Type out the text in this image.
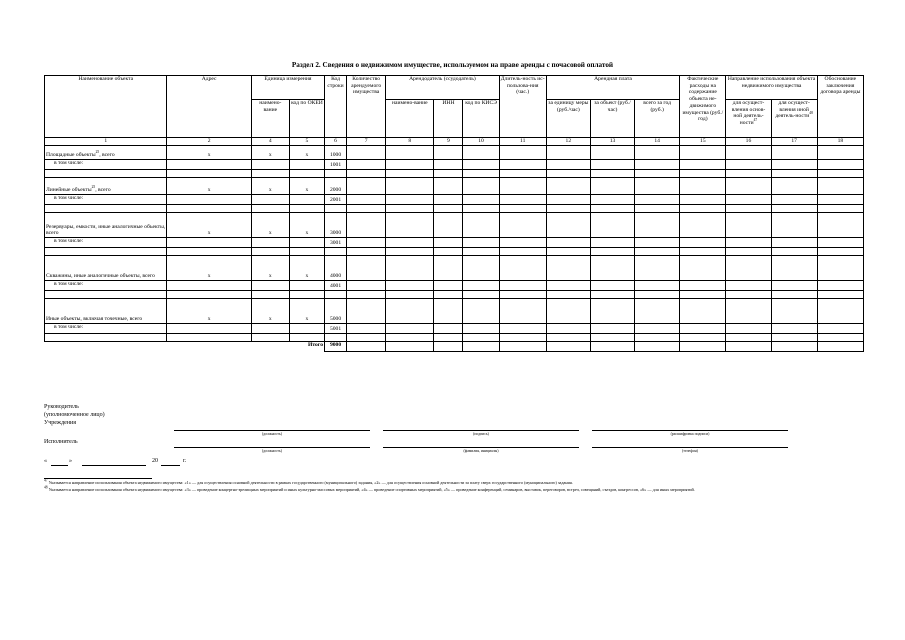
Раздел 2. Сведения о недвижимом имуществе, используемом на праве аренды с почасовой оплатой
Наименование объекта	Адрес	Единица измерения		Код строки	Количество арендуемого имущества	Арендодатель (ссудодатель)			Длитель-ность ис-пользова-ния (час.)	Арендная плата			Фактические расходы на содержание объекта не-движимого имущества (руб./год)	Направление использования объекта недвижимого имущества		Обоснование заключения договора аренды
		наимено-вание	код по ОКЕИ			наимено-вание	ИНН	код по КИСЭ		за единицу меры (руб./час)	за объект (руб./час)	всего за год (руб.)		для осущест-вления основ-ной деятель-ности$^{47}$	для осущест-вления иной деятель-ности$^{48}$
1	2	4	5	6	7	8	9	10	11	12	13	14	15	16	17	18
Площадные объекты$^{25}$, всего	х	х	х	1000												
в том числе:				1001												

Линейные объекты$^{25}$, всего	х	х	х	2000												
в том числе:				2001												

Резервуары, емкости, иные аналогичные объекты, всего	х	х	х	3000												
в том числе:				3001												

Скважины, иные аналогичные объекты, всего	х	х	х	4000												
в том числе:				4001												

Иные объекты, включая точечные, всего	х	х	х	5000												
в том числе:				5001												

Итого				9000												
Руководитель
(уполномоченное лицо)
Учреждения
(должность)	(подпись)	(расшифровка подписи)
Исполнитель
(должность)	(фамилия, инициалы)	(телефон)
«	»	20	г.
$^{47}$ Указывается направление использования объекта недвижимого имущества: «1» — для осуществления основной деятельности в рамках государственного (муниципального) задания, «2» — для осуществления основной деятельности за плату сверх государственного (муниципального) задания.
$^{48}$ Указывается направление использования объекта недвижимого имущества: «3» — проведение концертно-зрелищных мероприятий и иных культурно-массовых мероприятий, «4» — проведение спортивных мероприятий, «5» — проведение конференций, семинаров, выставок, переговоров, встреч, совещаний, съездов, конгрессов, «6» — для иных мероприятий.
